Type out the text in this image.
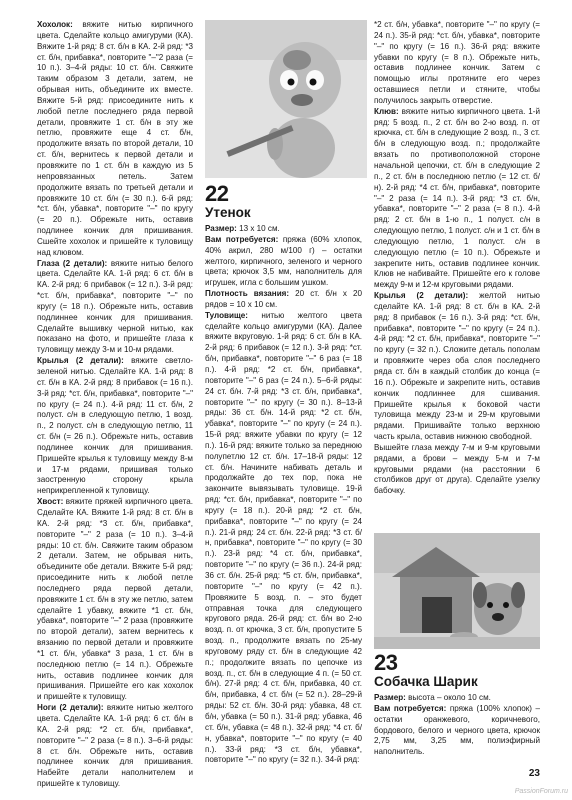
Хохолок: вяжите нитью кирпичного цвета. Сделайте кольцо амигуруми (КА). Вяжите 1-й ряд: 8 ст. б/н в КА. 2-й ряд: *3 ст. б/н, прибавка*, повторите "–"2 раза (= 10 п.). 3–4-й ряды: 10 ст. б/н. Свяжите таким образом 3 детали, затем, не обрывая нить, объедините их вместе. Вяжите 5-й ряд: присоедините нить к любой петле последнего ряда первой детали, провяжите 1 ст. б/н в эту же петлю, провяжите еще 4 ст. б/н, продолжите вязать по второй детали, 10 ст. б/н, вернитесь к первой детали и провяжите по 1 ст. б/н в каждую из 5 непровязанных петель. Затем продолжите вязать по третьей детали и провяжите 10 ст. б/н (= 30 п.). 6-й ряд: *ст. б/н, убавка*, повторите "–" по кругу (= 20 п.). Обрежьте нить, оставив подлинее кончик для пришивания. Сшейте хохолок и пришейте к туловищу над клювом.

Глаза (2 детали): вяжите нитью белого цвета. Сделайте КА. 1-й ряд: 6 ст. б/н в КА. 2-й ряд: 6 прибавок (= 12 п.). 3-й ряд: *ст. б/н, прибавка*, повторите "–" по кругу (= 18 п.). Обрежьте нить, оставив подлиннее кончик для пришивания. Сделайте вышивку черной нитью, как показано на фото, и пришейте глаза к туловищу между 3-м и 10-м рядами.

Крылья (2 детали): вяжите светло-зеленой нитью. Сделайте КА. 1-й ряд: 8 ст. б/н в КА. 2-й ряд: 8 прибавок (= 16 п.). 3-й ряд: *ст. б/н, прибавка*, повторите "–" по кругу (= 24 п.). 4-й ряд: 11 ст. б/н, 2 полуст. с/н в следующую петлю, 1 возд. п., 2 полуст. с/н в следующую петлю, 11 ст. б/н (= 26 п.). Обрежьте нить, оставив подлинее кончик для пришивания. Пришейте крылья к туловищу между 8-м и 17-м рядами, пришивая только заостренную сторону крыла неприкрепленной к туловищу.

Хвост: вяжите пряжей кирпичного цвета. Сделайте КА. Вяжите 1-й ряд: 8 ст. б/н в КА. 2-й ряд: *3 ст. б/н, прибавка*, повторите "–" 2 раза (= 10 п.). 3–4-й ряды: 10 ст. б/н. Свяжите таким образом 2 детали. Затем, не обрывая нить, объедините обе детали. Вяжите 5-й ряд: присоедините нить к любой петле последнего ряда первой детали, провяжите 1 ст. б/н в эту же петлю, затем сделайте 1 убавку, вяжите *1 ст. б/н, убавка*, повторите "–" 2 раза (провяжите по второй детали), затем вернитесь к вязанию по первой детали и провяжите *1 ст. б/н, убавка* 3 раза, 1 ст. б/н в последнюю петлю (= 14 п.). Обрежьте нить, оставив подлинее кончик для пришивания. Пришейте его как хохолок и пришейте к туловищу.

Ноги (2 детали): вяжите нитью желтого цвета. Сделайте КА. 1-й ряд: 6 ст. б/н в КА. 2-й ряд: *2 ст. б/н, прибавка*, повторите "–" 2 раза (= 8 п.). 3–6-й ряды: 8 ст. б/н. Обрежьте нить, оставив подлинее кончик для пришивания. Набейте детали наполнителем и пришейте к туловищу.

22
Утенок

Размер: 13 х 10 см.

Вам потребуется: пряжа (60% хлопок, 40% акрил, 280 м/100 г) – остатки желтого, кирпичного, зеленого и черного цвета; крючок 3,5 мм, наполнитель для игрушек, игла с большим ушком.

Плотность вязания: 20 ст. б/н х 20 рядов = 10 х 10 см.

Туловище: нитью желтого цвета сделайте кольцо амигуруми (КА). Далее вяжите вкруговую. 1-й ряд: 6 ст. б/н в КА. 2-й ряд: 6 прибавок (= 12 п.). 3-й ряд: *ст. б/н, прибавка*, повторите "–" 6 раз (= 18 п.). 4-й ряд: *2 ст. б/н, прибавка*, повторите "–" 6 раз (= 24 п.). 5–6-й ряды: 24 ст. б/н. 7-й ряд: *3 ст. б/н, прибавка*, повторите "–" по кругу (= 30 п.). 8–13-й ряды: 36 ст. б/н. 14-й ряд: *2 ст. б/н, убавка*, повторите "–" по кругу (= 24 п.). 15-й ряд: вяжите убавки по кругу (= 12 п.). 16-й ряд: вяжите только за переднюю полупетлю 12 ст. б/н. 17–18-й ряды: 12 ст. б/н. Начините набивать деталь и продолжайте до тех пор, пока не закончите вывязывать туловище. 19-й ряд: *ст. б/н, прибавка*, повторите "–" по кругу (= 18 п.). 20-й ряд: *2 ст. б/н, прибавка*, повторите "–" по кругу (= 24 п.). 21-й ряд: 24 ст. б/н. 22-й ряд: *3 ст. б/н, прибавка*, повторите "–" по кругу (= 30 п.). 23-й ряд: *4 ст. б/н, прибавка*, повторите "–" по кругу (= 36 п.). 24-й ряд: 36 ст. б/н. 25-й ряд: *5 ст. б/н, прибавка*, повторите "–" по кругу (= 42 п.). Провяжите 5 возд. п. – это будет отправная точка для следующего кругового ряда. 26-й ряд: ст. б/н во 2-ю возд. п. от крючка, 3 ст. б/н, пропустите 5 возд. п., продолжите вязать по 25-му круговому ряду ст. б/н в следующие 42 п.; продолжите вязать по цепочке из возд. п., ст. б/н в следующие 4 п. (= 50 ст. б/н). 27-й ряд: 4 ст. б/н, прибавка, 40 ст. б/н, прибавка, 4 ст. б/н (= 52 п.). 28–29-й ряды: 52 ст. б/н. 30-й ряд: убавка, 48 ст. б/н, убавка (= 50 п.). 31-й ряд: убавка, 46 ст. б/н, убавка (= 48 п.). 32-й ряд: *4 ст. б/н, убавка*, повторите "–" по кругу (= 40 п.). 33-й ряд: *3 ст. б/н, убавка*, повторите "–" по кругу (= 32 п.). 34-й ряд:

*2 ст. б/н, убавка*, повторите "–" по кругу (= 24 п.). 35-й ряд: *ст. б/н, убавка*, повторите "–" по кругу (= 16 п.). 36-й ряд: вяжите убавки по кругу (= 8 п.). Обрежьте нить, оставив подлинее кончик. Затем с помощью иглы протяните его через оставшиеся петли и стяните, чтобы получилось закрыть отверстие.

Клюв: вяжите нитью кирпичного цвета. 1-й ряд: 5 возд. п., 2 ст. б/н во 2-ю возд. п. от крючка, ст. б/н в следующие 2 возд. п., 3 ст. б/н в следующую возд. п.; продолжайте вязать по противоположной стороне начальной цепочки, ст. б/н в следующие 2 п., 2 ст. б/н в последнюю петлю (= 12 ст. б/н). 2-й ряд: *4 ст. б/н, прибавка*, повторите "–" 2 раза (= 14 п.). 3-й ряд: *3 ст. б/н, убавка*, повторите "–" 2 раза (= 8 п.). 4-й ряд: 2 ст. б/н в 1-ю п., 1 полуст. с/н в следующую петлю, 1 полуст. с/н и 1 ст. б/н в следующую петлю, 1 полуст. с/н в следующую петлю (= 10 п.). Обрежьте и закрепите нить, оставив подлинее кончик. Клюв не набивайте. Пришейте его к голове между 9-м и 12-м круговыми рядами.

Крылья (2 детали): желтой нитью сделайте КА. 1-й ряд: 8 ст. б/н в КА. 2-й ряд: 8 прибавок (= 16 п.). 3-й ряд: *ст. б/н, прибавка*, повторите "–" по кругу (= 24 п.). 4-й ряд: *2 ст. б/н, прибавка*, повторите "–" по кругу (= 32 п.). Сложите деталь пополам и провяжите через оба слоя последнего ряда ст. б/н в каждый столбик до конца (= 16 п.). Обрежьте и закрепите нить, оставив кончик подлиннее для сшивания. Пришейте крылья к боковой части туловища между 23-м и 29-м круговыми рядами. Пришивайте только верхнюю часть крыла, оставив нижнюю свободной.

Вышейте глаза между 7-м и 9-м круговыми рядами, а брови – между 5-м и 7-м круговыми рядами (на расстоянии 6 столбиков друг от друга). Сделайте узелку бабочку.

23
Собачка Шарик

Размер: высота – около 10 см.

Вам потребуется: пряжа (100% хлопок) – остатки оранжевого, коричневого, бордового, белого и черного цвета, крючок 2,75 мм, 3,25 мм, полиэфирный наполнитель.

23
PassionForum.ru
